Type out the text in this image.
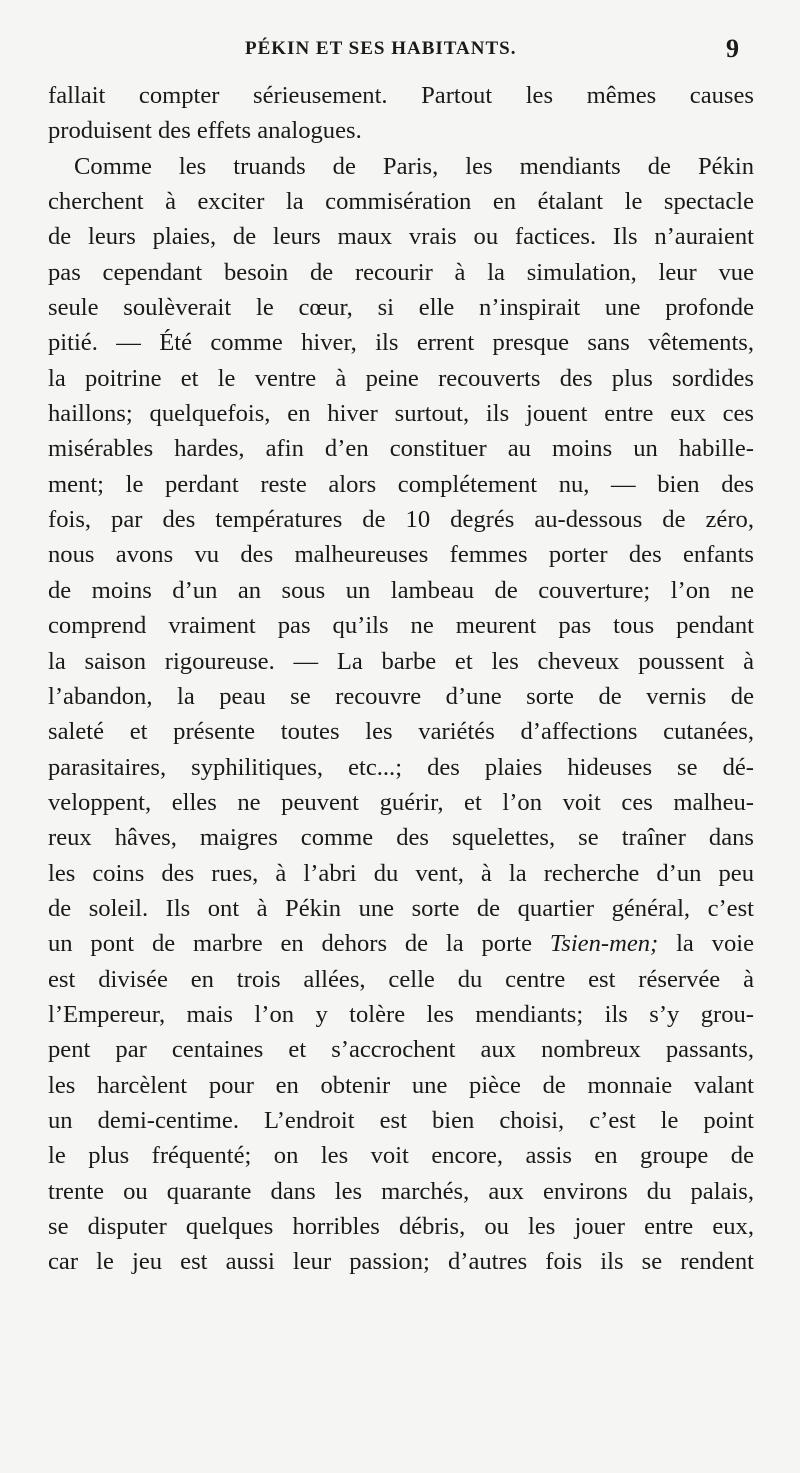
PÉKIN ET SES HABITANTS.	9
fallait compter sérieusement. Partout les mêmes causes
produisent des effets analogues.
Comme les truands de Paris, les mendiants de Pékin
cherchent à exciter la commisération en étalant le spectacle
de leurs plaies, de leurs maux vrais ou factices. Ils n’auraient
pas cependant besoin de recourir à la simulation, leur vue
seule soulèverait le cœur, si elle n’inspirait une profonde
pitié. — Été comme hiver, ils errent presque sans vêtements,
la poitrine et le ventre à peine recouverts des plus sordides
haillons; quelquefois, en hiver surtout, ils jouent entre eux ces
misérables hardes, afin d’en constituer au moins un habille-
ment; le perdant reste alors complétement nu, — bien des
fois, par des températures de 10 degrés au-dessous de zéro,
nous avons vu des malheureuses femmes porter des enfants
de moins d’un an sous un lambeau de couverture; l’on ne
comprend vraiment pas qu’ils ne meurent pas tous pendant
la saison rigoureuse. — La barbe et les cheveux poussent à
l’abandon, la peau se recouvre d’une sorte de vernis de
saleté et présente toutes les variétés d’affections cutanées,
parasitaires, syphilitiques, etc...; des plaies hideuses se dé-
veloppent, elles ne peuvent guérir, et l’on voit ces malheu-
reux hâves, maigres comme des squelettes, se traîner dans
les coins des rues, à l’abri du vent, à la recherche d’un peu
de soleil. Ils ont à Pékin une sorte de quartier général, c’est
un pont de marbre en dehors de la porte Tsien-men; la voie
est divisée en trois allées, celle du centre est réservée à
l’Empereur, mais l’on y tolère les mendiants; ils s’y grou-
pent par centaines et s’accrochent aux nombreux passants,
les harcèlent pour en obtenir une pièce de monnaie valant
un demi-centime. L’endroit est bien choisi, c’est le point
le plus fréquenté; on les voit encore, assis en groupe de
trente ou quarante dans les marchés, aux environs du palais,
se disputer quelques horribles débris, ou les jouer entre eux,
car le jeu est aussi leur passion; d’autres fois ils se rendent
